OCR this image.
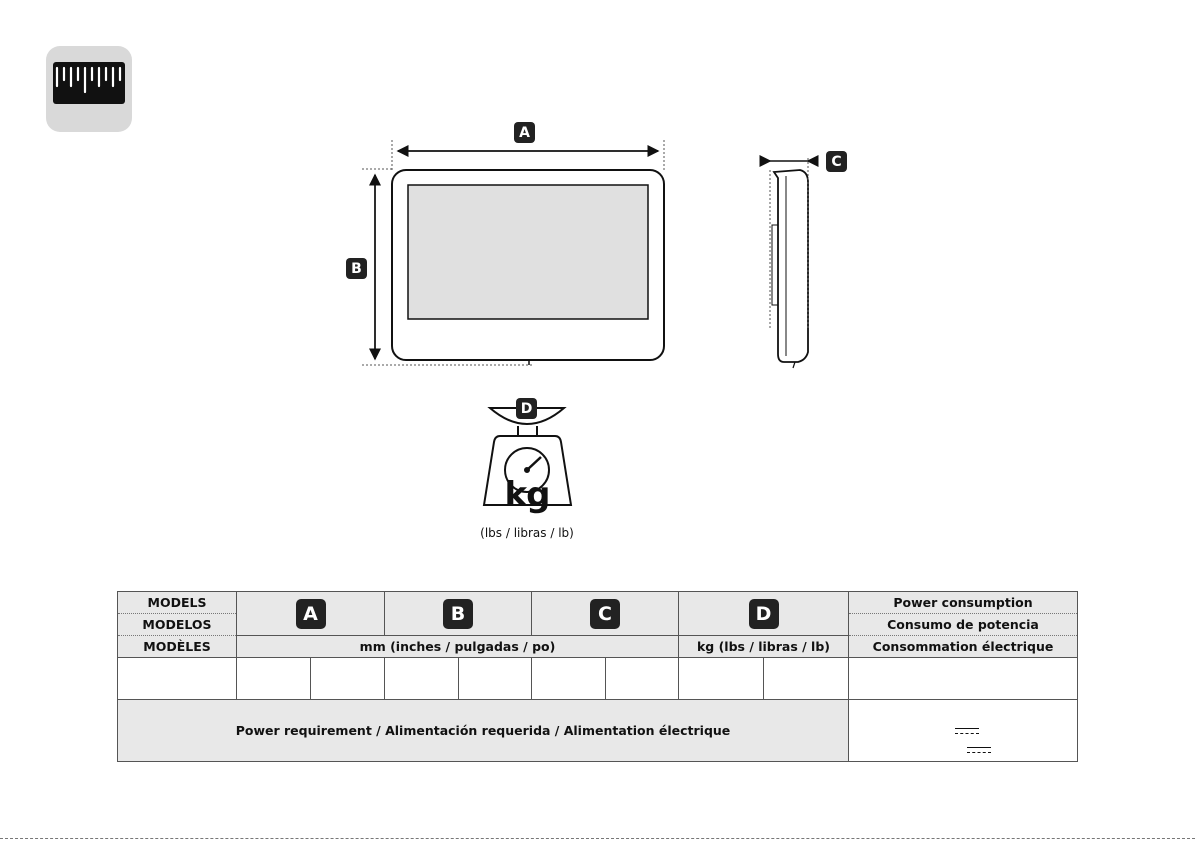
A
B
C
D
kg
(lbs / libras / lb)
MODELS	A		B		C		D		Power consumption
MODELOS									Consumo de potencia
MODÈLES	mm (inches / pulgadas / po)						kg (lbs / libras / lb)		Consommation électrique

Power requirement / Alimentación requerida / Alimentation électrique									
